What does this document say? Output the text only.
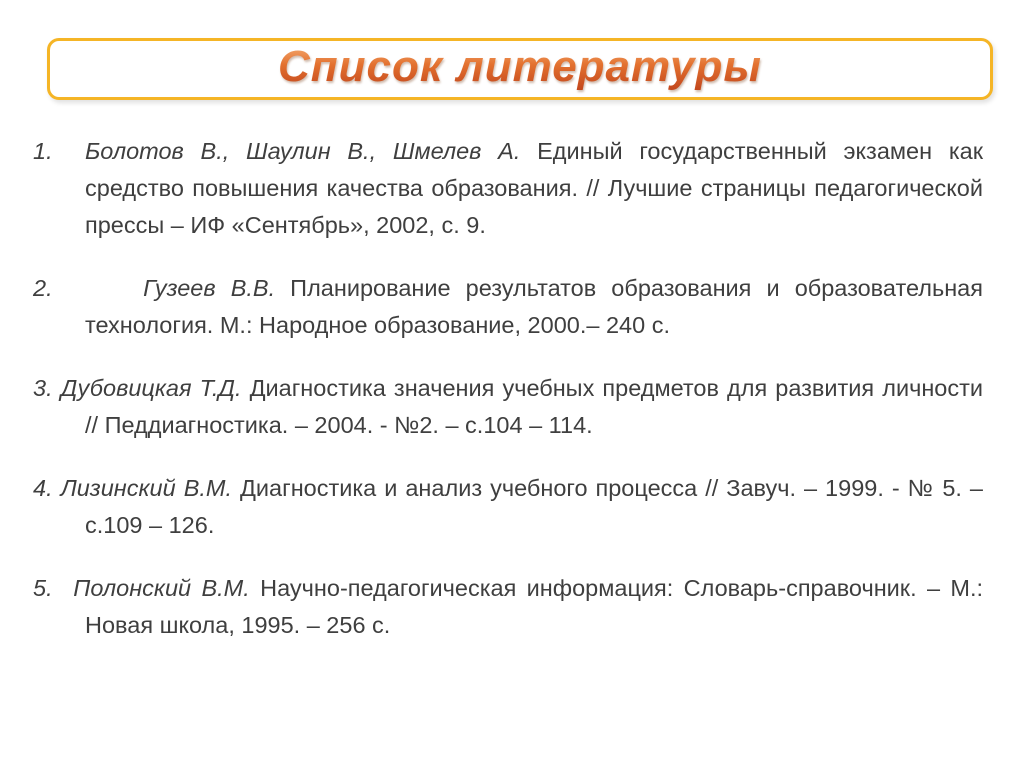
Список литературы
1. Болотов В., Шаулин В., Шмелев А. Единый государственный экзамен как средство повышения качества образования. // Лучшие страницы педагогической прессы – ИФ «Сентябрь», 2002, с. 9.
2.	Гузеев В.В. Планирование результатов образования и образовательная технология. М.: Народное образование, 2000.– 240 с.
3. Дубовицкая Т.Д. Диагностика значения учебных предметов для развития личности // Педдиагностика. – 2004. - №2. – с.104 – 114.
4. Лизинский В.М. Диагностика и анализ учебного процесса // Завуч. – 1999. - № 5. – с.109 – 126.
5. Полонский В.М. Научно-педагогическая информация: Словарь-справочник. – М.: Новая школа, 1995. – 256 с.
